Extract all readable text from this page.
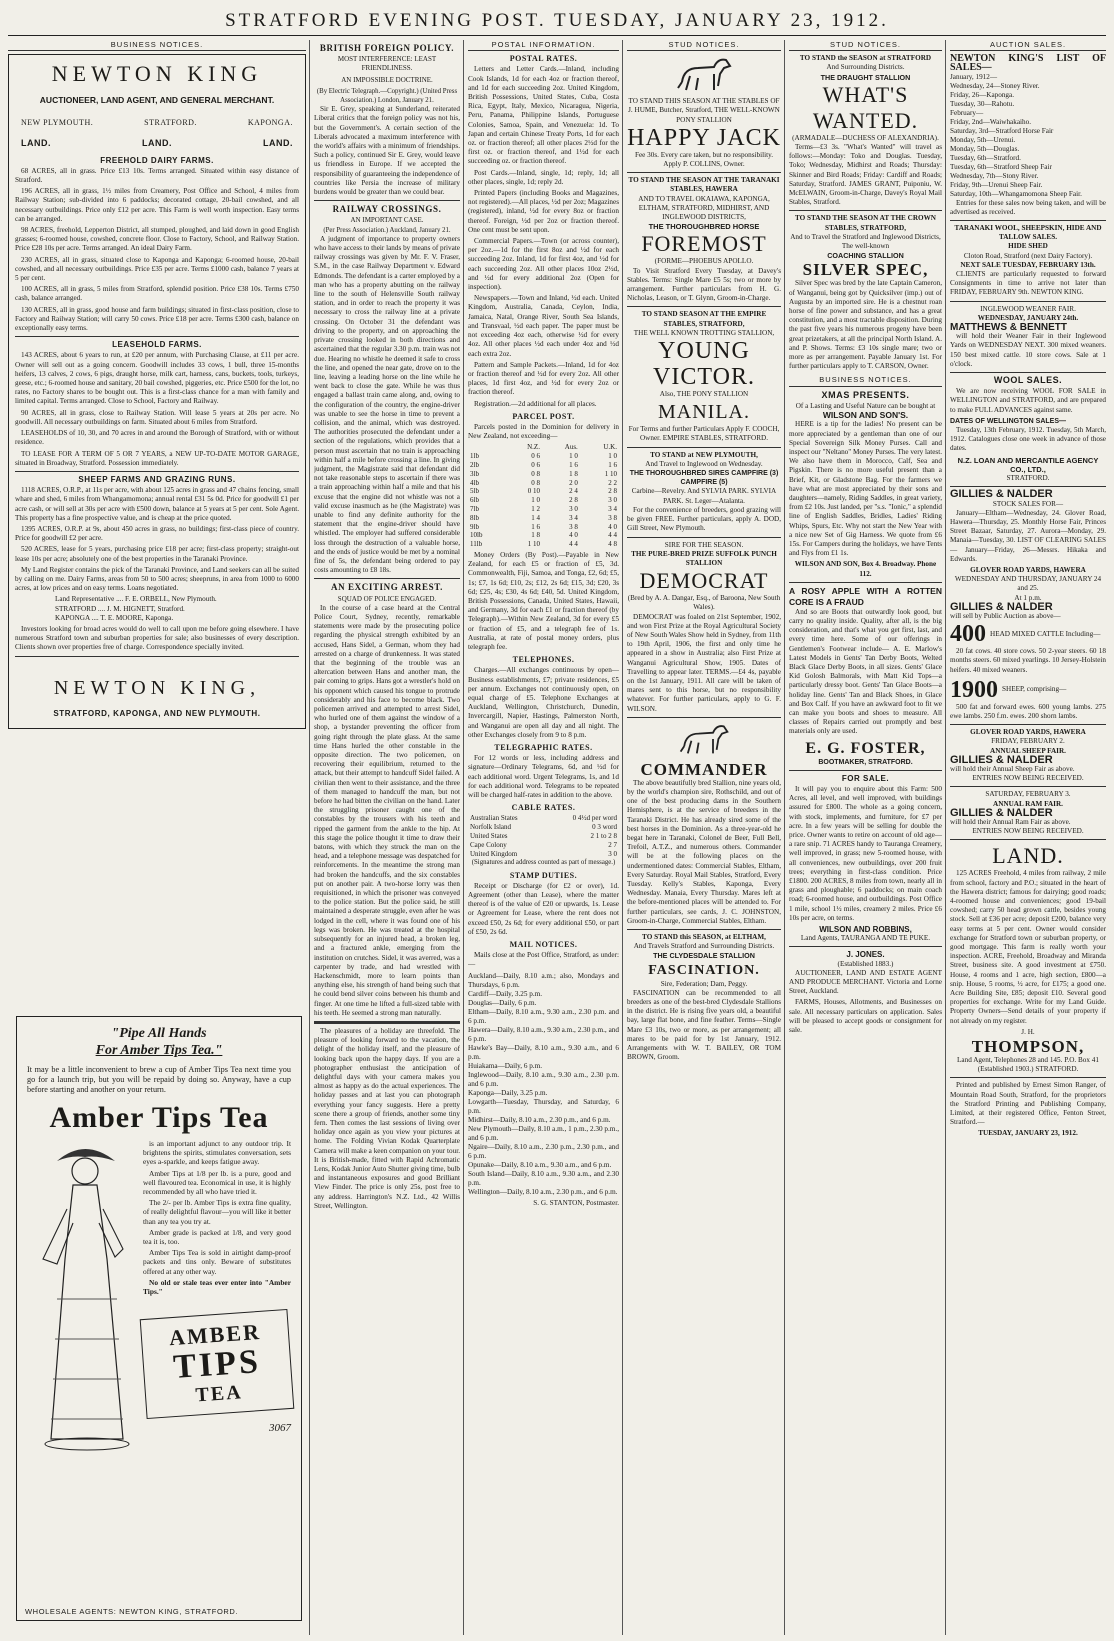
STRATFORD EVENING POST. TUESDAY, JANUARY 23, 1912.
BUSINESS NOTICES.
NEWTON KING
AUCTIONEER, LAND AGENT, AND GENERAL MERCHANT.
NEW PLYMOUTH.	STRATFORD.	KAPONGA.
LAND.	LAND.	LAND.
FREEHOLD DAIRY FARMS.
68 ACRES, all in grass. Price £13 10s. Terms arranged. Situated within easy distance of Stratford.
196 ACRES, all in grass, 1½ miles from Creamery, Post Office and School, 4 miles from Railway Station; sub-divided into 6 paddocks; decorated cottage, 20-bail cowshed, and all necessary outbuildings. Price only £12 per acre. This Farm is well worth inspection. Easy terms can be arranged.
98 ACRES, freehold, Lepperton District, all stumped, ploughed, and laid down in good English grasses; 6-roomed house, cowshed, concrete floor. Close to Factory, School, and Railway Station. Price £28 10s per acre. Terms arranged. An ideal Dairy Farm.
230 ACRES, all in grass, situated close to Kaponga and Kaponga; 6-roomed house, 20-bail cowshed, and all necessary outbuildings. Price £35 per acre. Terms £1000 cash, balance 7 years at 5 per cent.
100 ACRES, all in grass, 5 miles from Stratford, splendid position. Price £38 10s. Terms £750 cash, balance arranged.
130 ACRES, all in grass, good house and farm buildings; situated in first-class position, close to Factory and Railway Station; will carry 50 cows. Price £18 per acre. Terms £300 cash, balance on exceptionally easy terms.
LEASEHOLD FARMS.
143 ACRES, about 6 years to run, at £20 per annum, with Purchasing Clause, at £11 per acre. Owner will sell out as a going concern. Goodwill includes 33 cows, 1 bull, three 15-months heifers, 13 calves, 2 cows, 6 pigs, draught horse, milk cart, harness, cans, buckets, tools, turkeys, geese, etc.; 6-roomed house and sanitary, 20 bail cowshed, piggeries, etc. Price £500 for the lot, no rates, no Factory shares to be bought out. This is a first-class chance for a man with family and limited capital. Terms arranged. Close to School, Factory and Railway.
90 ACRES, all in grass, close to Railway Station. Will lease 5 years at 20s per acre. No goodwill. All necessary outbuildings on farm. Situated about 6 miles from Stratford.
LEASEHOLDS of 10, 30, and 70 acres in and around the Borough of Stratford, with or without residence.
TO LEASE FOR A TERM OF 5 OR 7 YEARS, a NEW UP-TO-DATE MOTOR GARAGE, situated in Broadway, Stratford. Possession immediately.
SHEEP FARMS AND GRAZING RUNS.
1118 ACRES, O.R.P., at 11s per acre, with about 125 acres in grass and 47 chains fencing, small whare and shed, 6 miles from Whangamomona; annual rental £31 5s 0d. Price for goodwill £1 per acre cash, or will sell at 30s per acre with £500 down, balance at 5 years at 5 per cent. Sole Agent. This property has a fine prospective value, and is cheap at the price quoted.
1395 ACRES, O.R.P. at 9s, about 450 acres in grass, no buildings; first-class piece of country. Price for goodwill £2 per acre.
520 ACRES, lease for 5 years, purchasing price £18 per acre; first-class property; straight-out lease 10s per acre; absolutely one of the best properties in the Taranaki Province.
My Land Register contains the pick of the Taranaki Province, and Land seekers can all be suited by calling on me. Dairy Farms, areas from 50 to 500 acres; sheepruns, in area from 1000 to 6000 acres, at low prices and on easy terms. Loans negotiated.
Land Representative .... F. E. ORBELL, New Plymouth.
STRATFORD .... J. M. HIGNETT, Stratford.
KAPONGA .... T. E. MOORE, Kaponga.
Investors looking for broad acres would do well to call upon me before going elsewhere. I have numerous Stratford town and suburban properties for sale; also businesses of every description. Clients shown over properties free of charge. Correspondence specially invited.
NEWTON KING,
STRATFORD, KAPONGA, AND NEW PLYMOUTH.
"Pipe All Hands
For Amber Tips Tea."
It may be a little inconvenient to brew a cup of Amber Tips Tea next time you go for a launch trip, but you will be repaid by doing so. Anyway, have a cup before starting and another on your return.
Amber Tips Tea
is an important adjunct to any outdoor trip. It brightens the spirits, stimulates conversation, sets eyes a-sparkle, and keeps fatigue away.
Amber Tips at 1/8 per lb. is a pure, good and well flavoured tea. Economical in use, it is highly recommended by all who have tried it.
The 2/- per lb. Amber Tips is extra fine quality, of really delightful flavour—you will like it better than any tea you try at.
Amber grade is packed at 1/8, and very good tea it is, too.
Amber Tips Tea is sold in airtight damp-proof packets and tins only. Beware of substitutes offered at any other way.
No old or stale teas ever enter into "Amber Tips."
AMBER
TIPS
TEA
3067
WHOLESALE AGENTS: NEWTON KING, STRATFORD.
BRITISH FOREIGN POLICY.
MOST INTERFERENCE: LEAST FRIENDLINESS.
AN IMPOSSIBLE DOCTRINE.
(By Electric Telegraph.—Copyright.) (United Press Association.) London, January 21.
Sir E. Grey, speaking at Sunderland, reiterated Liberal critics that the foreign policy was not his, but the Government's. A certain section of the Liberals advocated a maximum interference with the world's affairs with a minimum of friendships. Such a policy, continued Sir E. Grey, would leave us friendless in Europe. If we accepted the responsibility of guaranteeing the independence of countries like Persia the increase of military burdens would be greater than we could bear.
RAILWAY CROSSINGS.
AN IMPORTANT CASE.
(Per Press Association.) Auckland, January 21.
A judgment of importance to property owners who have access to their lands by means of private railway crossings was given by Mr. F. V. Fraser, S.M., in the case Railway Department v. Edward Edmonds. The defendant is a carter employed by a man who has a property abutting on the railway line to the south of Helensville South railway station, and in order to reach the property it was necessary to cross the railway line at a private crossing. On October 31 the defendant was driving to the property, and on approaching the private crossing looked in both directions and ascertained that the regular 3.30 p.m. train was not due. Hearing no whistle he deemed it safe to cross the line, and opened the near gate, drove on to the line, leaving a leading horse on the line while he went back to close the gate. While he was thus engaged a ballast train came along, and, owing to the configuration of the country, the engine-driver was unable to see the horse in time to prevent a collision, and the animal, which was destroyed. The authorities prosecuted the defendant under a section of the regulations, which provides that a person must ascertain that no train is approaching within half a mile before crossing a line. In giving judgment, the Magistrate said that defendant did not take reasonable steps to ascertain if there was a train approaching within half a mile and that his excuse that the engine did not whistle was not a valid excuse inasmuch as he (the Magistrate) was unable to find any definite authority for the statement that the engine-driver should have whistled. The employer had suffered considerable loss through the destruction of a valuable horse, and the ends of justice would be met by a nominal fine of 5s, the defendant being ordered to pay costs amounting to £8 18s.
AN EXCITING ARREST.
SQUAD OF POLICE ENGAGED.
In the course of a case heard at the Central Police Court, Sydney, recently, remarkable statements were made by the prosecuting police regarding the physical strength exhibited by an accused, Hans Sidel, a German, whom they had arrested on a charge of drunkenness. It was stated that the beginning of the trouble was an altercation between Hans and another man, the pair coming to grips. Hans got a wrestler's hold on his opponent which caused his tongue to protrude considerably and his face to become black. Two policemen arrived and attempted to arrest Sidel, who hurled one of them against the window of a shop, a bystander preventing the officer from going right through the plate glass. At the same time Hans hurled the other constable in the opposite direction. The two policemen, on recovering their equilibrium, returned to the attack, but their attempt to handcuff Sidel failed. A civilian then went to their assistance, and the three of them managed to handcuff the man, but not before he had bitten the civilian on the hand. Later the struggling prisoner caught one of the constables by the trousers with his teeth and ripped the garment from the ankle to the hip. At this stage the police thought it time to draw their batons, with which they struck the man on the head, and a telephone message was despatched for reinforcements. In the meantime the strong man had broken the handcuffs, and the six constables put on another pair. A two-horse lorry was then requisitioned, in which the prisoner was conveyed to the police station. But the police said, he still maintained a desperate struggle, even after he was lodged in the cell, where it was found one of his legs was broken. He was treated at the hospital subsequently for an injured head, a broken leg, and a fractured ankle, emerging from the institution on crutches. Sidel, it was averred, was a carpenter by trade, and had wrestled with Hackenschmidt, more to learn points than anything else, his strength of hand being such that he could bend silver coins between his thumb and finger. At one time he lifted a full-sized table with his teeth. He seemed a strong man naturally.
The pleasures of a holiday are threefold. The pleasure of looking forward to the vacation, the delight of the holiday itself, and the pleasure of looking back upon the happy days. If you are a photographer enthusiast the anticipation of delightful days with your camera makes you almost as happy as do the actual experiences. The holiday passes and at last you can photograph everything your fancy suggests. Here a pretty scene there a group of friends, another some tiny fern. Then comes the last sessions of living over holiday once again as you view your pictures at home. The Folding Vivian Kodak Quarterplate Camera will make a keen companion on your tour. It is British-made, fitted with Rapid Achromatic Lens, Kodak Junior Auto Shutter giving time, bulb and instantaneous exposures and good Brilliant View Finder. The price is only 25s, post free to any address. Harrington's N.Z. Ltd., 42 Willis Street, Wellington.
POSTAL INFORMATION.
POSTAL RATES.
Letters and Letter Cards.—Inland, including Cook Islands, 1d for each 4oz or fraction thereof, and 1d for each succeeding 2oz. United Kingdom, British Possessions, United States, Cuba, Costa Rica, Egypt, Italy, Mexico, Nicaragua, Nigeria, Peru, Panama, Philippine Islands, Portuguese Colonies, Samoa, Spain, and Venezuela: 1d. To Japan and certain Chinese Treaty Ports, 1d for each oz. or fraction thereof; all other places 2½d for the first oz. or fraction thereof, and 1½d for each succeeding oz. or fraction thereof.
Post Cards.—Inland, single, 1d; reply, 1d; all other places, single, 1d; reply 2d.
Printed Papers (including Books and Magazines, not registered).—All places, ½d per 2oz; Magazines (registered), inland, ½d for every 8oz or fraction thereof. Foreign, ½d per 2oz or fraction thereof. One cent must be sent upon.
Commercial Papers.—Town (or across counter), per 2oz.—1d for the first 8oz and ½d for each succeeding 2oz. Inland, 1d for first 4oz, and ½d for each succeeding 2oz. All other places 10oz 2½d, and ½d for every additional 2oz (Open for inspection).
Newspapers.—Town and Inland, ½d each. United Kingdom, Australia, Canada, Ceylon, India, Jamaica, Natal, Orange River, South Sea Islands, and Transvaal, ½d each paper. The paper must be not exceeding 4oz each, otherwise ½d for every 4oz. All other places ½d each under 4oz and ½d each extra 2oz.
Pattern and Sample Packets.—Inland, 1d for 4oz or fraction thereof and ½d for every 2oz. All other places, 1d first 4oz, and ½d for every 2oz or fraction thereof.
Registration.—2d additional for all places.
PARCEL POST.
Parcels posted in the Dominion for delivery in New Zealand, not exceeding—
	N.Z.	Aus.	U.K.
1lb	0 6	1 0	1 0
2lb	0 6	1 6	1 6
3lb	0 8	1 8	1 10
4lb	0 8	2 0	2 2
5lb	0 10	2 4	2 8
6lb	1 0	2 8	3 0
7lb	1 2	3 0	3 4
8lb	1 4	3 4	3 8
9lb	1 6	3 8	4 0
10lb	1 8	4 0	4 4
11lb	1 10	4 4	4 8
Money Orders (By Post).—Payable in New Zealand, for each £5 or fraction of £5, 3d. Commonwealth, Fiji, Samoa, and Tonga, £2, 6d; £5, 1s; £7, 1s 6d; £10, 2s; £12, 2s 6d; £15, 3d; £20, 3s 6d; £25, 4s; £30, 4s 6d; £40, 5d. United Kingdom, British Possessions, Canada, United States, Hawaii, and Germany, 3d for each £1 or fraction thereof (by Telegraph).—Within New Zealand, 3d for every £5 or fraction of £5, and a telegraph fee of 1s. Australia, at rate of postal money orders, plus telegraph fee.
TELEPHONES.
Charges.—All exchanges continuous by open—Business establishments, £7; private residences, £5 per annum. Exchanges not continuously open, on equal charge of £5. Telephone Exchanges at Auckland, Wellington, Christchurch, Dunedin, Invercargill, Napier, Hastings, Palmerston North, and Wanganui are open all day and all night. The other Exchanges closely from 9 to 8 p.m.
TELEGRAPHIC RATES.
For 12 words or less, including address and signature—Ordinary Telegrams, 6d, and ½d for each additional word. Urgent Telegrams, 1s, and 1d for each additional word. Telegrams to be repeated will be charged half-rates in addition to the above.
CABLE RATES.
Australian States	0 4½d per word
Norfolk Island	0 3 word
United States	2 1 to 2 8
Cape Colony	2 7
United Kingdom	3 0
(Signatures and address counted as part of message.)
STAMP DUTIES.
Receipt or Discharge (for £2 or over), 1d. Agreement (other than Lease), where the matter thereof is of the value of £20 or upwards, 1s. Lease or Agreement for Lease, where the rent does not exceed £50, 2s 6d; for every additional £50, or part of £50, 2s 6d.
MAIL NOTICES.
Mails close at the Post Office, Stratford, as under:—
Auckland—Daily, 8.10 a.m.; also, Mondays and Thursdays, 6 p.m.
Cardiff—Daily, 3.25 p.m.
Douglas—Daily, 6 p.m.
Eltham—Daily, 8.10 a.m., 9.30 a.m., 2.30 p.m. and 6 p.m.
Hawera—Daily, 8.10 a.m., 9.30 a.m., 2.30 p.m., and 6 p.m.
Hawke's Bay—Daily, 8.10 a.m., 9.30 a.m., and 6 p.m.
Huiakama—Daily, 6 p.m.
Inglewood—Daily, 8.10 a.m., 9.30 a.m., 2.30 p.m. and 6 p.m.
Kaponga—Daily, 3.25 p.m.
Lowgarth—Tuesday, Thursday, and Saturday, 6 p.m.
Midhirst—Daily, 8.10 a.m., 2.30 p.m., and 6 p.m.
New Plymouth—Daily, 8.10 a.m., 1 p.m., 2.30 p.m., and 6 p.m.
Ngaire—Daily, 8.10 a.m., 2.30 p.m., 2.30 p.m., and 6 p.m.
Opunake—Daily, 8.10 a.m., 9.30 a.m., and 6 p.m.
South Island—Daily, 8.10 a.m., 9.30 a.m., and 2.30 p.m.
Wellington—Daily, 8.10 a.m., 2.30 p.m., and 6 p.m.
S. G. STANTON, Postmaster.
STUD NOTICES.
TO STAND THIS SEASON AT THE STABLES OF J. HUME, Butcher, Stratford, THE WELL-KNOWN PONY STALLION
HAPPY JACK
Fee 30s. Every care taken, but no responsibility. Apply P. COLLINS, Owner.
TO STAND THE SEASON AT THE TARANAKI STABLES, HAWERA
AND TO TRAVEL OKAIAWA, KAPONGA, ELTHAM, STRATFORD, MIDHIRST, AND INGLEWOOD DISTRICTS,
THE THOROUGHBRED HORSE
FOREMOST
(FORME—PHOEBUS APOLLO.
To Visit Stratford Every Tuesday, at Davey's Stables. Terms: Single Mare £5 5s; two or more by arrangement. Further particulars from H. G. Nicholas, Leason, or T. Glynn, Groom-in-Charge.
TO STAND SEASON AT THE EMPIRE STABLES, STRATFORD,
THE WELL KNOWN TROTTING STALLION,
YOUNG VICTOR.
Also, THE PONY STALLION
MANILA.
For Terms and further Particulars Apply F. COOCH, Owner. EMPIRE STABLES, STRATFORD.
TO STAND at NEW PLYMOUTH,
And Travel to Inglewood on Wednesday.
THE THOROUGHBRED SIRES CAMPFIRE (3) CAMPFIRE (5)
Carbine—Revelry. And SYLVIA PARK. SYLVIA PARK. St. Leger—Atalanta.
For the convenience of breeders, good grazing will be given FREE. Further particulars, apply A. DOD, Gill Street, New Plymouth.
SIRE FOR THE SEASON.
THE PURE-BRED PRIZE SUFFOLK PUNCH STALLION
DEMOCRAT
(Bred by A. A. Dangar, Esq., of Baroona, New South Wales).
DEMOCRAT was foaled on 21st September, 1902, and won First Prize at the Royal Agricultural Society of New South Wales Show held in Sydney, from 11th to 19th April, 1906, the first and only time he appeared in a show in Australia; also First Prize at Wanganui Agricultural Show, 1905. Dates of Travelling to appear later. TERMS.—£4 4s, payable on the 1st January, 1911. All care will be taken of mares sent to this horse, but no responsibility whatever. For further particulars, apply to G. F. WILSON.
COMMANDER
The above beautifully bred Stallion, nine years old, by the world's champion sire, Rothschild, and out of one of the best producing dams in the Southern Hemisphere, is at the service of breeders in the Taranaki District. He has already sired some of the best horses in the Dominion. As a three-year-old he begat here in Taranaki, Colonel de Beer, Full Bell, Trefoil, A.T.Z., and numerous others. Commander will be at the following places on the undermentioned dates: Commercial Stables, Eltham, Every Saturday. Royal Mail Stables, Stratford, Every Tuesday. Kelly's Stables, Kaponga, Every Wednesday. Manaia, Every Thursday. Mares left at the before-mentioned places will be attended to. For further particulars, see cards, J. C. JOHNSTON, Groom-in-Charge, Commercial Stables, Eltham.
TO STAND this SEASON, at ELTHAM,
And Travels Stratford and Surrounding Districts.
THE CLYDESDALE STALLION
FASCINATION.
Sire, Federation; Dam, Peggy.
FASCINATION can be recommended to all breeders as one of the best-bred Clydesdale Stallions in the district. He is rising five years old, a beautiful bay, large flat bone, and fine feather. Terms—Single Mare £3 10s, two or more, as per arrangement; all mares to be paid for by 1st January, 1912. Arrangements with W. T. BAILEY, OR TOM BROWN, Groom.
STUD NOTICES.
TO STAND the SEASON at STRATFORD
And Surrounding Districts.
THE DRAUGHT STALLION
WHAT'S WANTED.
(ARMADALE—DUCHESS OF ALEXANDRIA).
Terms—£3 3s. "What's Wanted" will travel as follows:—Monday: Toko and Douglas. Tuesday, Toko; Wednesday, Midhirst and Roads; Thursday: Skinner and Bird Roads; Friday: Cardiff and Roads; Saturday, Stratford. JAMES GRANT, Puiponiu, W. McELWAIN, Groom-in-Charge, Davey's Royal Mail Stables, Stratford.
TO STAND THE SEASON AT THE CROWN STABLES, STRATFORD,
And to Travel the Stratford and Inglewood Districts, The well-known
COACHING STALLION
SILVER SPEC,
Silver Spec was bred by the late Captain Cameron, of Wanganui, being got by Quicksilver (imp.) out of Augusta by an imported sire. He is a chestnut roan horse of fine power and substance, and has a great constitution, and a most tractable disposition. During the past five years his numerous progeny have been great prizetakers, at all the principal North Island. A. and P. Shows. Terms: £3 10s single mare; two or more as per arrangement. Payable January 1st. For further particulars apply to T. CARSON, Owner.
BUSINESS NOTICES.
XMAS PRESENTS.
Of a Lasting and Useful Nature can be bought at
WILSON AND SON'S.
HERE is a tip for the ladies! No present can be more appreciated by a gentleman than one of our Special Sovereign Silk Money Purses. Call and inspect our "Neltano" Money Purses. The very latest. We also have them in Morocco, Calf, Sea and Pigskin. There is no more useful present than a Brief, Kit, or Gladstone Bag. For the farmers we have what are most appreciated by their sons and daughters—namely, Riding Saddles, in great variety, from £2 10s. Just landed, per "s.s. "Ionic," a splendid line of English Saddles, Bridles, Ladies' Riding Whips, Spurs, Etc. Why not start the New Year with a nice new Set of Gig Harness. We quote from £6 15s. For Campers during the holidays, we have Tents and Flys from £1 1s.
WILSON AND SON, Box 4. Broadway. Phone 112.
A ROSY APPLE WITH A ROTTEN CORE IS A FRAUD
And so are Boots that outwardly look good, but carry no quality inside. Quality, after all, is the big consideration, and that's what you get first, last, and every time here. Some of our offerings in Gentlemen's Footwear include— A. E. Marlow's Latest Models in Gents' Tan Derby Boots, Welted Black Glace Derby Boots, in all sizes. Gents' Glace Kid Golosh Balmorals, with Matt Kid Tops—a particularly dressy boot. Gents' Tan Glace Boots—a holiday line. Gents' Tan and Black Shoes, in Glace and Box Calf. If you have an awkward foot to fit we can make you boots and shoes to measure. All classes of Repairs carried out promptly and best materials only are used.
E. G. FOSTER,
BOOTMAKER, STRATFORD.
FOR SALE.
It will pay you to enquire about this Farm: 500 Acres, all level, and well improved, with buildings assured for £800. The whole as a going concern, with stock, implements, and furniture, for £7 per acre. In a few years will be selling for double the price. Owner wants to retire on account of old age—a rare snip. 71 ACRES handy to Tauranga Creamery, well improved, in grass; new 5-roomed house, with all conveniences, new outbuildings, over 200 fruit trees; everything in first-class condition. Price £1800. 200 ACRES, 8 miles from town, nearly all in grass and ploughable; 6 paddocks; on main coach road; 6-roomed house, and outbuildings. Post Office 1 mile, school 1½ miles, creamery 2 miles. Price £6 10s per acre, on terms.
WILSON AND ROBBINS,
Land Agents, TAURANGA AND TE PUKE.
J. JONES.
(Established 1883.)
AUCTIONEER, LAND AND ESTATE AGENT AND PRODUCE MERCHANT. Victoria and Lorne Street, Auckland.
FARMS, Houses, Allotments, and Businesses on sale. All necessary particulars on application. Sales will be pleased to accept goods or consignment for sale.
AUCTION SALES.
NEWTON KING'S LIST OF SALES—
January, 1912—
Wednesday, 24—Stoney River.
Friday, 26—Kaponga.
Tuesday, 30—Rahotu.
February—
Friday, 2nd—Waiwhakaiho.
Saturday, 3rd—Stratford Horse Fair
Monday, 5th—Urenui.
Monday, 5th—Douglas.
Tuesday, 6th—Stratford.
Tuesday, 6th—Stratford Sheep Fair
Wednesday, 7th—Stony River.
Friday, 9th—Urenui Sheep Fair.
Saturday, 10th—Whangamomona Sheep Fair.
Entries for these sales now being taken, and will be advertised as received.
TARANAKI WOOL, SHEEPSKIN, HIDE AND TALLOW SALES.
HIDE SHED
Cloton Road, Stratford (next Dairy Factory).
NEXT SALE TUESDAY, FEBRUARY 13th.
CLIENTS are particularly requested to forward Consignments in time to arrive not later than FRIDAY, FEBRUARY 9th. NEWTON KING.
INGLEWOOD WEANER FAIR.
WEDNESDAY, JANUARY 24th.
MATTHEWS & BENNETT
will hold their Weaner Fair in their Inglewood Yards on WEDNESDAY NEXT. 300 mixed weaners. 150 best mixed cattle. 10 store cows. Sale at 1 o'clock.
WOOL SALES.
We are now receiving WOOL FOR SALE in WELLINGTON and STRATFORD, and are prepared to make FULL ADVANCES against same.
DATES OF WELLINGTON SALES—
Tuesday, 13th February, 1912. Tuesday, 5th March, 1912. Catalogues close one week in advance of those dates.
N.Z. LOAN AND MERCANTILE AGENCY CO., LTD.,
STRATFORD.
GILLIES & NALDER
STOCK SALES FOR—
January—Eltham—Wednesday, 24. Glover Road, Hawera—Thursday, 25. Monthly Horse Fair, Princes Street Bazaar, Saturday, 27. Aurora—Monday, 29. Manaia—Tuesday, 30. LIST OF CLEARING SALES— January—Friday, 26—Messrs. Hikaka and Edwards.
GLOVER ROAD YARDS, HAWERA
WEDNESDAY AND THURSDAY, JANUARY 24 and 25.
At 1 p.m.
GILLIES & NALDER
will sell by Public Auction as above—
400 HEAD MIXED CATTLE Including—
20 fat cows. 40 store cows. 50 2-year steers. 60 18 months steers. 60 mixed yearlings. 10 Jersey-Holstein heifers. 40 mixed weaners.
1900 SHEEP, comprising—
500 fat and forward ewes. 600 young lambs. 275 ewe lambs. 250 f.m. ewes. 200 shorn lambs.
GLOVER ROAD YARDS, HAWERA
FRIDAY, FEBRUARY 2.
ANNUAL SHEEP FAIR.
GILLIES & NALDER
will hold their Annual Sheep Fair as above.
ENTRIES NOW BEING RECEIVED.
SATURDAY, FEBRUARY 3.
ANNUAL RAM FAIR.
GILLIES & NALDER
will hold their Annual Ram Fair as above.
ENTRIES NOW BEING RECEIVED.
LAND.
125 ACRES Freehold, 4 miles from railway, 2 mile from school, factory and P.O.; situated in the heart of the Hawera district; famous for dairying; good roads; 4-roomed house and conveniences; good 19-bail cowshed; carry 50 head grown cattle, besides young stock. Sell at £36 per acre; deposit £200, balance very easy terms at 5 per cent. Owner would consider exchange for Stratford town or suburban property, or good mortgage. This farm is really worth your inspection. ACRE, Freehold, Broadway and Miranda Street, business site. A good investment at £750. House, 4 rooms and 1 acre, high section, £800—a snip. House, 5 rooms, ½ acre, for £175; a good one. Acre Building Site, £85; deposit £10. Several good properties for exchange. Write for my Land Guide. Property Owners—Send details of your property if not already on my register.
J. H.
THOMPSON,
Land Agent, Telephones 28 and 145. P.O. Box 41 (Established 1903.) STRATFORD.
Printed and published by Ernest Simon Ranger, of Mountain Road South, Stratford, for the proprietors the Stratford Printing and Publishing Company, Limited, at their registered Office, Fenton Street, Stratford.—
TUESDAY, JANUARY 23, 1912.
